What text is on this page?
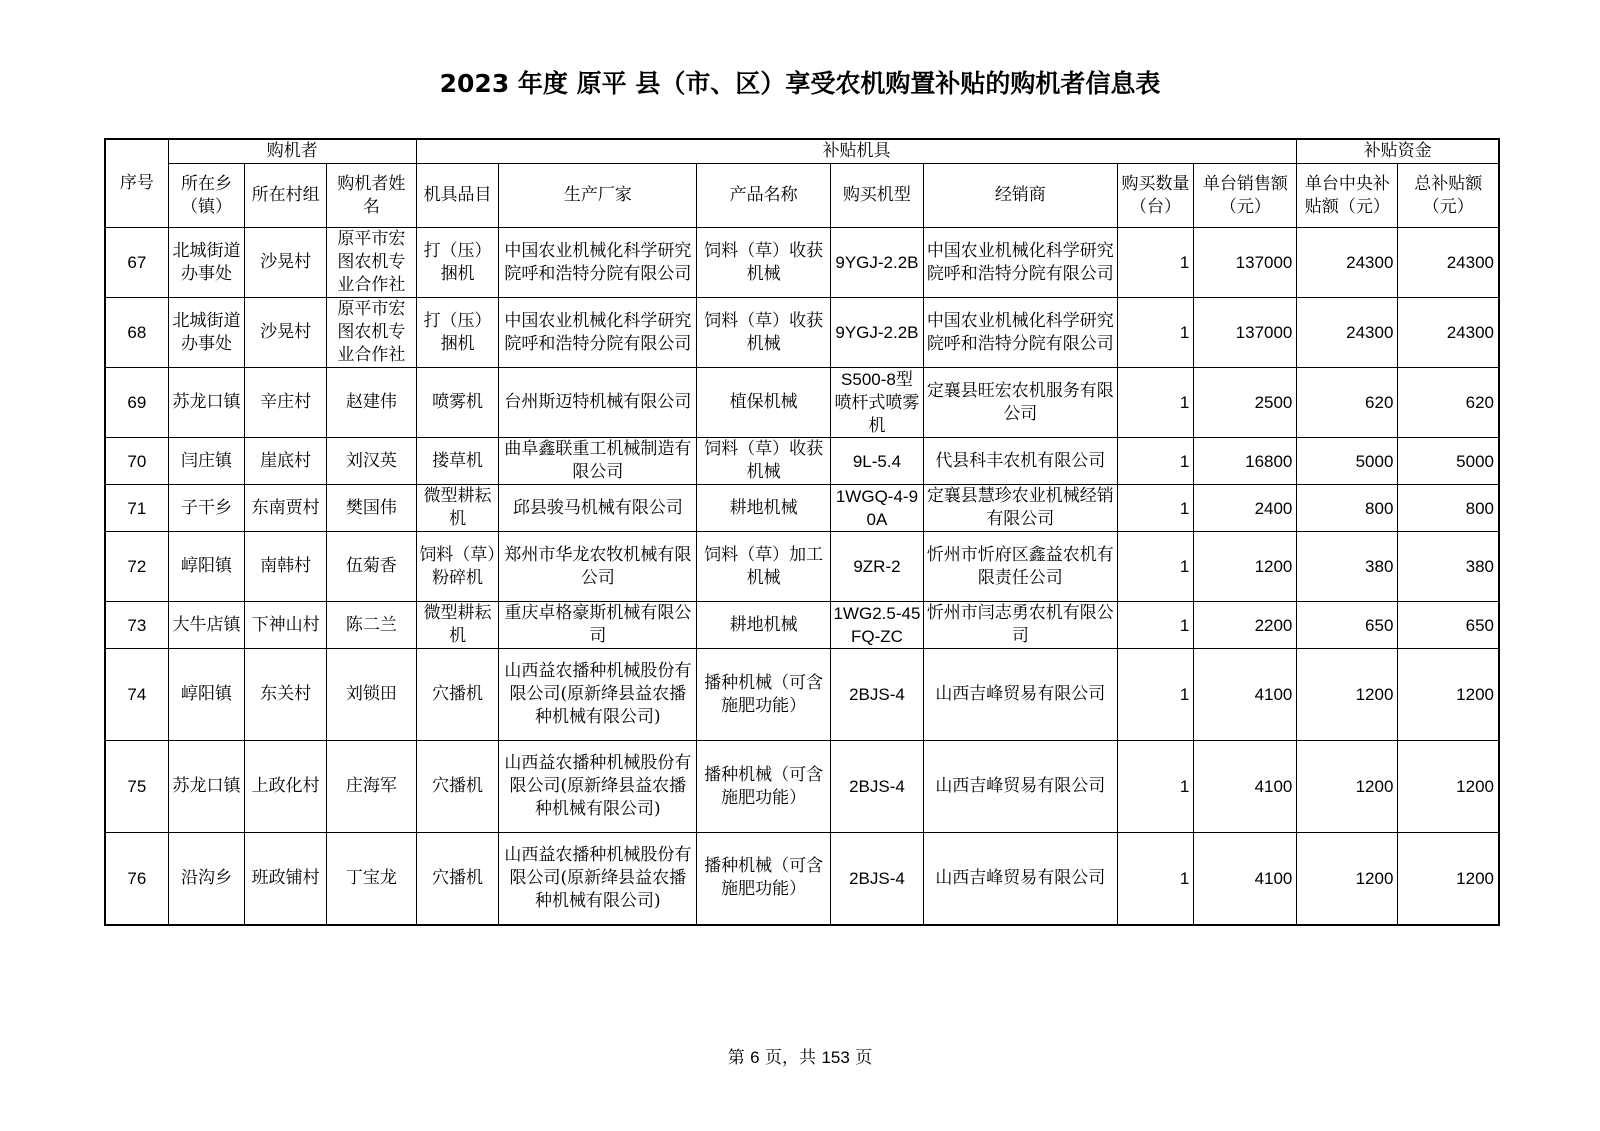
2023 年度 原平 县（市、区）享受农机购置补贴的购机者信息表
序号	购机者			补贴机具							补贴资金	
	所在乡（镇）	所在村组	购机者姓名	机具品目	生产厂家	产品名称	购买机型	经销商	购买数量（台）	单台销售额（元）	单台中央补贴额（元）	总补贴额（元）
67	北城街道办事处	沙晃村	原平市宏图农机专业合作社	打（压）捆机	中国农业机械化科学研究院呼和浩特分院有限公司	饲料（草）收获机械	9YGJ-2.2B	中国农业机械化科学研究院呼和浩特分院有限公司	1	137000	24300	24300
68	北城街道办事处	沙晃村	原平市宏图农机专业合作社	打（压）捆机	中国农业机械化科学研究院呼和浩特分院有限公司	饲料（草）收获机械	9YGJ-2.2B	中国农业机械化科学研究院呼和浩特分院有限公司	1	137000	24300	24300
69	苏龙口镇	辛庄村	赵建伟	喷雾机	台州斯迈特机械有限公司	植保机械	S500-8型喷杆式喷雾机	定襄县旺宏农机服务有限公司	1	2500	620	620
70	闫庄镇	崖底村	刘汉英	搂草机	曲阜鑫联重工机械制造有限公司	饲料（草）收获机械	9L-5.4	代县科丰农机有限公司	1	16800	5000	5000
71	子干乡	东南贾村	樊国伟	微型耕耘机	邱县骏马机械有限公司	耕地机械	1WGQ-4-90A	定襄县慧珍农业机械经销有限公司	1	2400	800	800
72	崞阳镇	南韩村	伍菊香	饲料（草）粉碎机	郑州市华龙农牧机械有限公司	饲料（草）加工机械	9ZR-2	忻州市忻府区鑫益农机有限责任公司	1	1200	380	380
73	大牛店镇	下神山村	陈二兰	微型耕耘机	重庆卓格豪斯机械有限公司	耕地机械	1WG2.5-45FQ-ZC	忻州市闫志勇农机有限公司	1	2200	650	650
74	崞阳镇	东关村	刘锁田	穴播机	山西益农播种机械股份有限公司(原新绛县益农播种机械有限公司)	播种机械（可含施肥功能）	2BJS-4	山西吉峰贸易有限公司	1	4100	1200	1200
75	苏龙口镇	上政化村	庄海军	穴播机	山西益农播种机械股份有限公司(原新绛县益农播种机械有限公司)	播种机械（可含施肥功能）	2BJS-4	山西吉峰贸易有限公司	1	4100	1200	1200
76	沿沟乡	班政铺村	丁宝龙	穴播机	山西益农播种机械股份有限公司(原新绛县益农播种机械有限公司)	播种机械（可含施肥功能）	2BJS-4	山西吉峰贸易有限公司	1	4100	1200	1200
第 6 页，共 153 页
